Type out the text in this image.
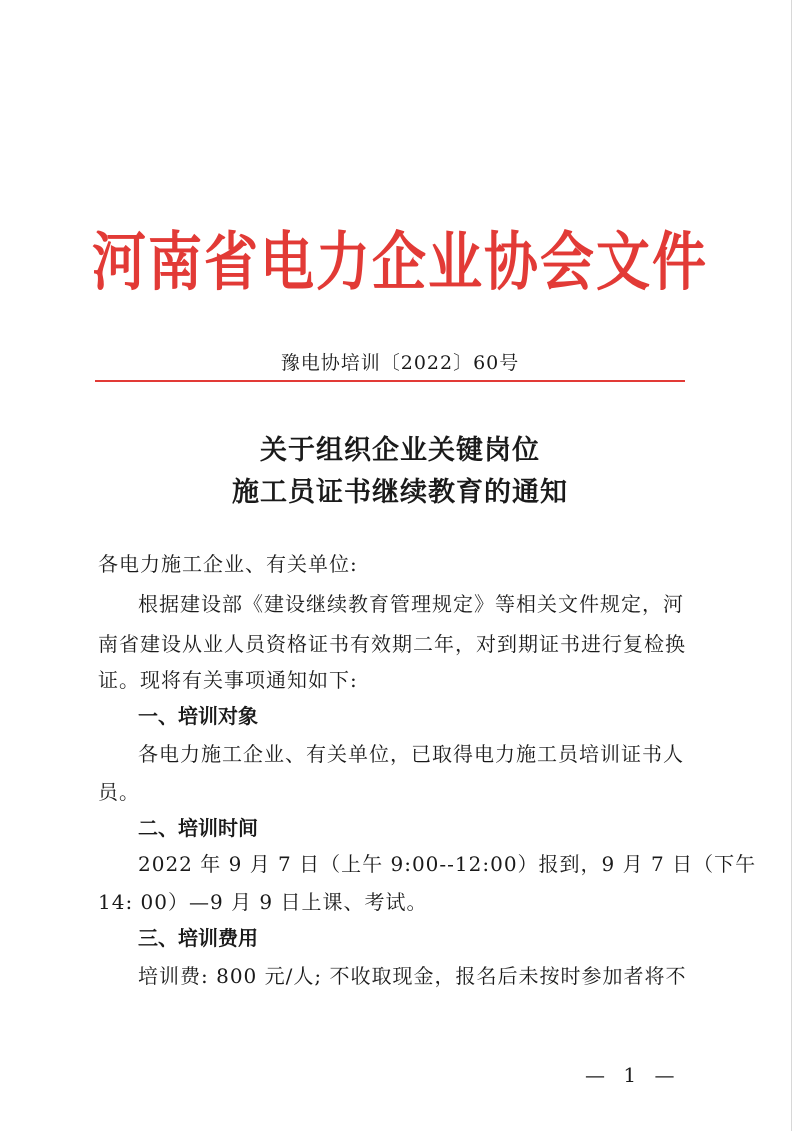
河南省电力企业协会文件
豫电协培训〔2022〕60号
关于组织企业关键岗位
施工员证书继续教育的通知
各电力施工企业、有关单位:
根据建设部《建设继续教育管理规定》等相关文件规定，河
南省建设从业人员资格证书有效期二年，对到期证书进行复检换
证。现将有关事项通知如下:
一、培训对象
各电力施工企业、有关单位，已取得电力施工员培训证书人
员。
二、培训时间
2022 年 9 月 7 日（上午 9:00--12:00）报到，9 月 7 日（下午
14: 00）—9 月 9 日上课、考试。
三、培训费用
培训费: 800 元/人; 不收取现金，报名后未按时参加者将不
— 1 —
